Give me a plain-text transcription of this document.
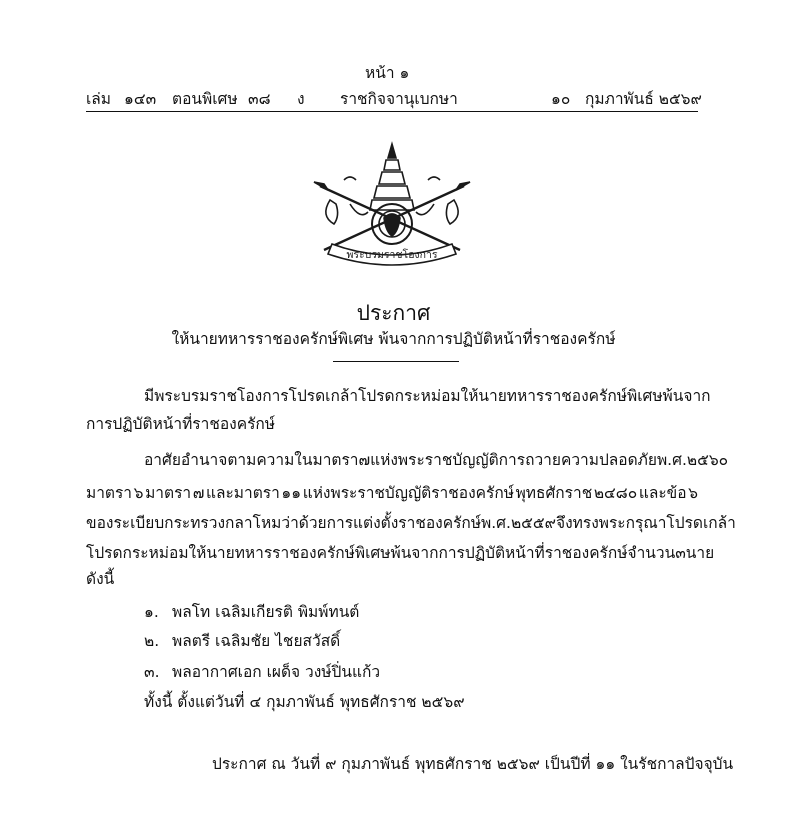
หน้า ๑
เล่ม ๑๔๓ ตอนพิเศษ ๓๘ ง ราชกิจจานุเบกษา	๑๐ กุมภาพันธ์ ๒๕๖๙
พระบรมราชโองการ
ประกาศ
ให้นายทหารราชองครักษ์พิเศษ พ้นจากการปฏิบัติหน้าที่ราชองครักษ์
มีพระบรมราชโองการโปรดเกล้าโปรดกระหม่อมให้นายทหารราชองครักษ์พิเศษ พ้นจาก
การปฏิบัติหน้าที่ราชองครักษ์
อาศัยอำนาจตามความในมาตรา ๗ แห่งพระราชบัญญัติการถวายความปลอดภัย พ.ศ. ๒๕๖๐
มาตรา ๖ มาตรา ๗ และมาตรา ๑๑ แห่งพระราชบัญญัติราชองครักษ์ พุทธศักราช ๒๔๘๐ และข้อ ๖
ของระเบียบกระทรวงกลาโหมว่าด้วยการแต่งตั้งราชองครักษ์ พ.ศ. ๒๕๕๙ จึงทรงพระกรุณาโปรดเกล้า
โปรดกระหม่อมให้นายทหารราชองครักษ์พิเศษ พ้นจากการปฏิบัติหน้าที่ราชองครักษ์ จำนวน ๓ นาย
ดังนี้
๑. พลโท เฉลิมเกียรติ พิมพ์ทนต์
๒. พลตรี เฉลิมชัย ไชยสวัสดิ์
๓. พลอากาศเอก เผด็จ วงษ์ปิ่นแก้ว
ทั้งนี้ ตั้งแต่วันที่ ๔ กุมภาพันธ์ พุทธศักราช ๒๕๖๙
ประกาศ ณ วันที่ ๙ กุมภาพันธ์ พุทธศักราช ๒๕๖๙ เป็นปีที่ ๑๑ ในรัชกาลปัจจุบัน
